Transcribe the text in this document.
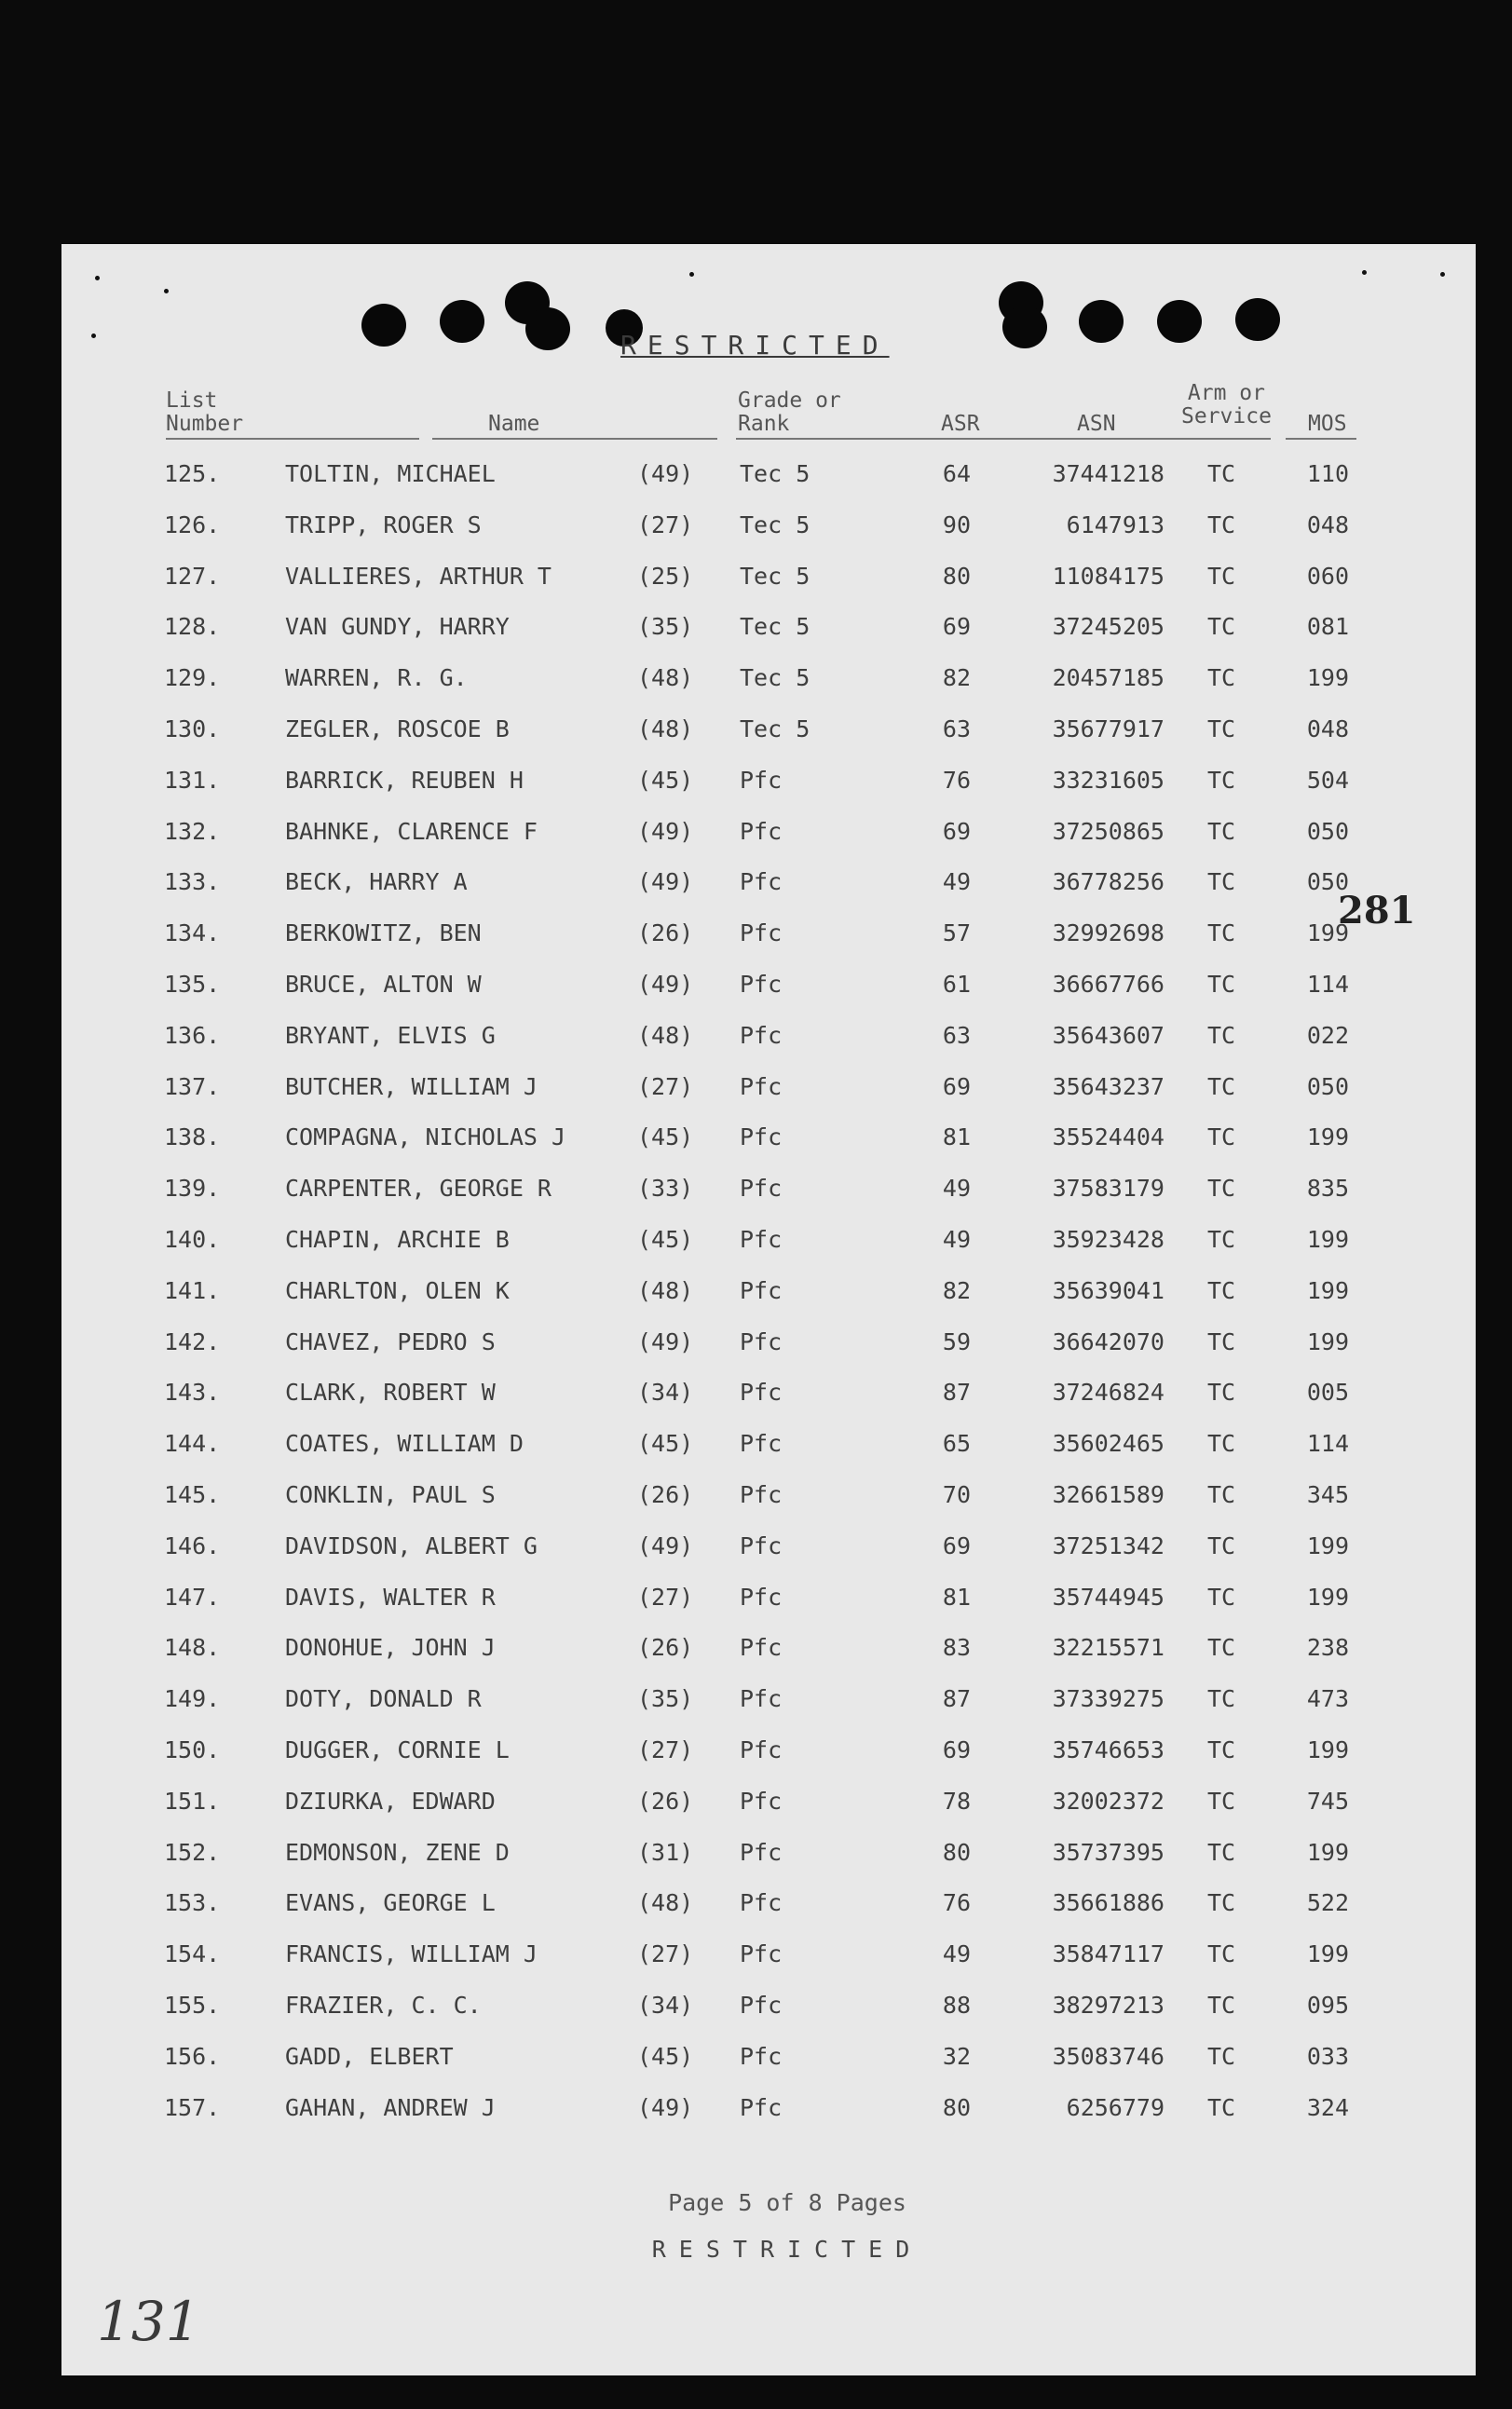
RESTRICTED
List
Number	Name
Grade or
Rank	ASR	ASN
Arm or
Service MOS
125.	TOLTIN, MICHAEL	(49) Tec 5	64	37441218 TC	110
126.	TRIPP, ROGER S	(27) Tec 5	90	6147913 TC	048
127.	VALLIERES, ARTHUR T	(25) Tec 5	80	11084175 TC	060
128.	VAN GUNDY, HARRY	(35) Tec 5	69	37245205 TC	081
129.	WARREN, R. G.	(48) Tec 5	82	20457185 TC	199
130.	ZEGLER, ROSCOE B	(48) Tec 5	63	35677917 TC	048
131.	BARRICK, REUBEN H	(45) Pfc	76	33231605 TC	504
132.	BAHNKE, CLARENCE F	(49) Pfc	69	37250865 TC	050
133.	BECK, HARRY A	(49) Pfc	49	36778256 TC	050
134.	BERKOWITZ, BEN	(26) Pfc	57	32992698 TC	199
135.	BRUCE, ALTON W	(49) Pfc	61	36667766 TC	114
136.	BRYANT, ELVIS G	(48) Pfc	63	35643607 TC	022
137.	BUTCHER, WILLIAM J	(27) Pfc	69	35643237 TC	050
138.	COMPAGNA, NICHOLAS J	(45) Pfc	81	35524404 TC	199
139.	CARPENTER, GEORGE R	(33) Pfc	49	37583179 TC	835
140.	CHAPIN, ARCHIE B	(45) Pfc	49	35923428 TC	199
141.	CHARLTON, OLEN K	(48) Pfc	82	35639041 TC	199
142.	CHAVEZ, PEDRO S	(49) Pfc	59	36642070 TC	199
143.	CLARK, ROBERT W	(34) Pfc	87	37246824 TC	005
144.	COATES, WILLIAM D	(45) Pfc	65	35602465 TC	114
145.	CONKLIN, PAUL S	(26) Pfc	70	32661589 TC	345
146.	DAVIDSON, ALBERT G	(49) Pfc	69	37251342 TC	199
147.	DAVIS, WALTER R	(27) Pfc	81	35744945 TC	199
148.	DONOHUE, JOHN J	(26) Pfc	83	32215571 TC	238
149.	DOTY, DONALD R	(35) Pfc	87	37339275 TC	473
150.	DUGGER, CORNIE L	(27) Pfc	69	35746653 TC	199
151.	DZIURKA, EDWARD	(26) Pfc	78	32002372 TC	745
152.	EDMONSON, ZENE D	(31) Pfc	80	35737395 TC	199
153.	EVANS, GEORGE L	(48) Pfc	76	35661886 TC	522
154.	FRANCIS, WILLIAM J	(27) Pfc	49	35847117 TC	199
155.	FRAZIER, C. C.	(34) Pfc	88	38297213 TC	095
156.	GADD, ELBERT	(45) Pfc	32	35083746 TC	033
157.	GAHAN, ANDREW J	(49) Pfc	80	6256779 TC	324
281
Page 5 of 8 Pages
RESTRICTED
131
